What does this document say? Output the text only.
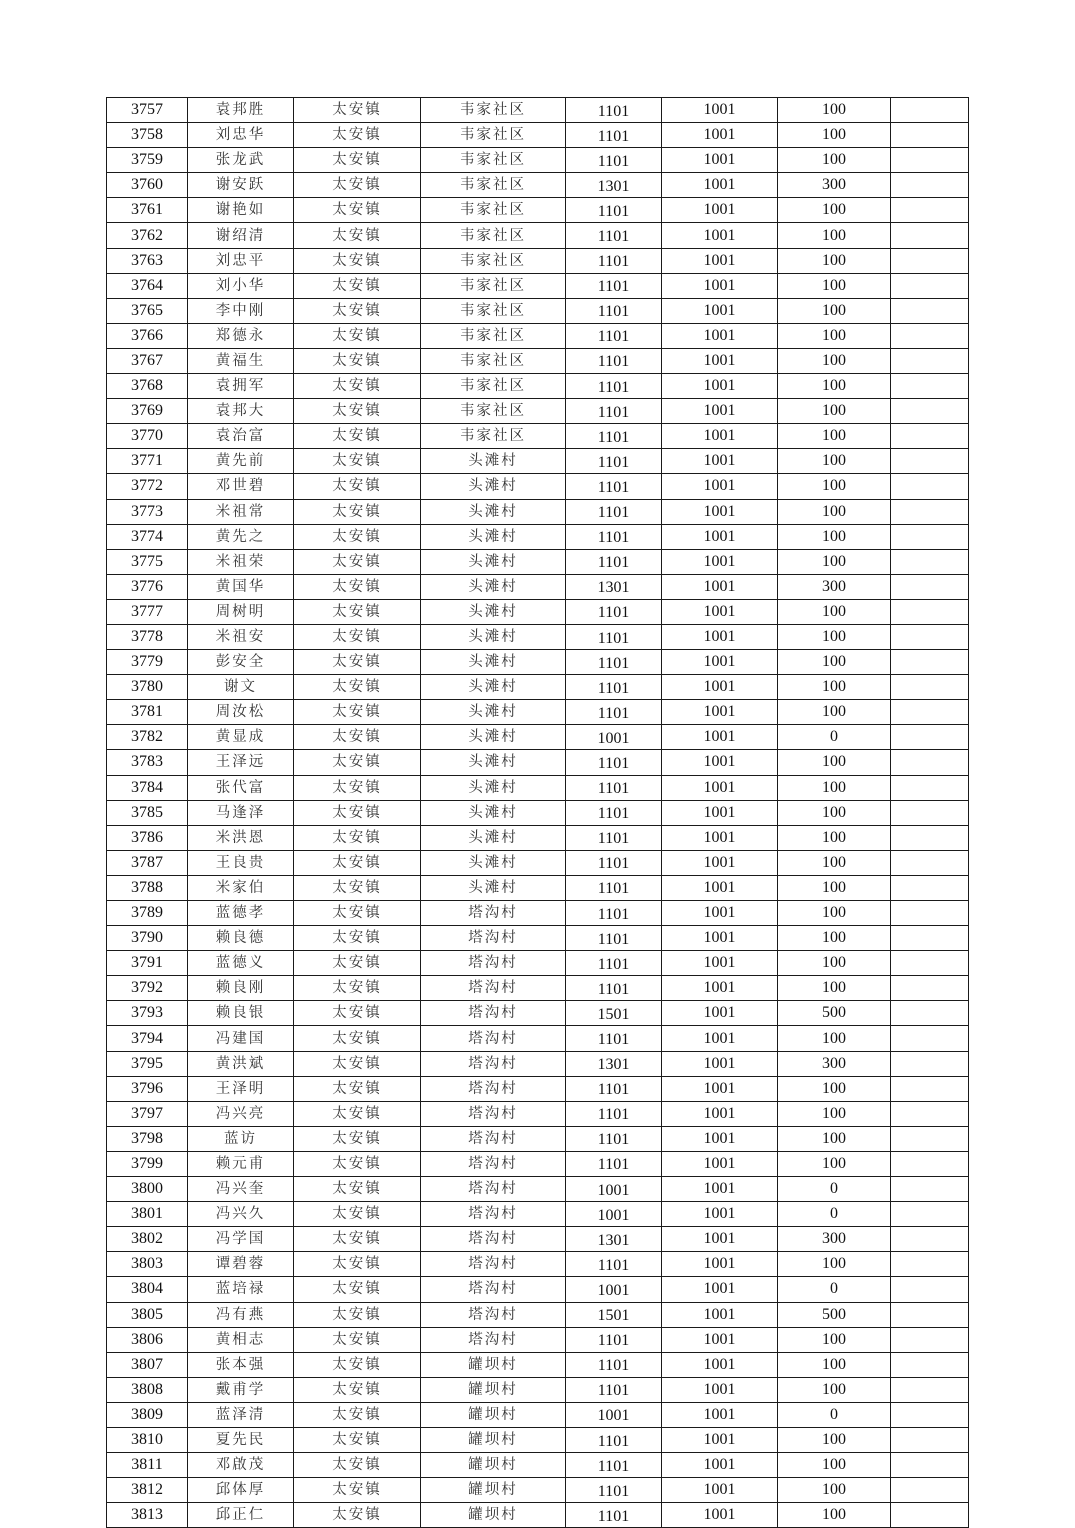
3757	袁邦胜	太安镇	韦家社区	1101	1001	100	
3758	刘忠华	太安镇	韦家社区	1101	1001	100	
3759	张龙武	太安镇	韦家社区	1101	1001	100	
3760	谢安跃	太安镇	韦家社区	1301	1001	300	
3761	谢艳如	太安镇	韦家社区	1101	1001	100	
3762	谢绍清	太安镇	韦家社区	1101	1001	100	
3763	刘忠平	太安镇	韦家社区	1101	1001	100	
3764	刘小华	太安镇	韦家社区	1101	1001	100	
3765	李中刚	太安镇	韦家社区	1101	1001	100	
3766	郑德永	太安镇	韦家社区	1101	1001	100	
3767	黄福生	太安镇	韦家社区	1101	1001	100	
3768	袁拥军	太安镇	韦家社区	1101	1001	100	
3769	袁邦大	太安镇	韦家社区	1101	1001	100	
3770	袁治富	太安镇	韦家社区	1101	1001	100	
3771	黄先前	太安镇	头滩村	1101	1001	100	
3772	邓世碧	太安镇	头滩村	1101	1001	100	
3773	米祖常	太安镇	头滩村	1101	1001	100	
3774	黄先之	太安镇	头滩村	1101	1001	100	
3775	米祖荣	太安镇	头滩村	1101	1001	100	
3776	黄国华	太安镇	头滩村	1301	1001	300	
3777	周树明	太安镇	头滩村	1101	1001	100	
3778	米祖安	太安镇	头滩村	1101	1001	100	
3779	彭安全	太安镇	头滩村	1101	1001	100	
3780	谢文	太安镇	头滩村	1101	1001	100	
3781	周汝松	太安镇	头滩村	1101	1001	100	
3782	黄显成	太安镇	头滩村	1001	1001	0	
3783	王泽远	太安镇	头滩村	1101	1001	100	
3784	张代富	太安镇	头滩村	1101	1001	100	
3785	马逢泽	太安镇	头滩村	1101	1001	100	
3786	米洪恩	太安镇	头滩村	1101	1001	100	
3787	王良贵	太安镇	头滩村	1101	1001	100	
3788	米家伯	太安镇	头滩村	1101	1001	100	
3789	蓝德孝	太安镇	塔沟村	1101	1001	100	
3790	赖良德	太安镇	塔沟村	1101	1001	100	
3791	蓝德义	太安镇	塔沟村	1101	1001	100	
3792	赖良刚	太安镇	塔沟村	1101	1001	100	
3793	赖良银	太安镇	塔沟村	1501	1001	500	
3794	冯建国	太安镇	塔沟村	1101	1001	100	
3795	黄洪斌	太安镇	塔沟村	1301	1001	300	
3796	王泽明	太安镇	塔沟村	1101	1001	100	
3797	冯兴亮	太安镇	塔沟村	1101	1001	100	
3798	蓝访	太安镇	塔沟村	1101	1001	100	
3799	赖元甫	太安镇	塔沟村	1101	1001	100	
3800	冯兴奎	太安镇	塔沟村	1001	1001	0	
3801	冯兴久	太安镇	塔沟村	1001	1001	0	
3802	冯学国	太安镇	塔沟村	1301	1001	300	
3803	谭碧蓉	太安镇	塔沟村	1101	1001	100	
3804	蓝培禄	太安镇	塔沟村	1001	1001	0	
3805	冯有燕	太安镇	塔沟村	1501	1001	500	
3806	黄相志	太安镇	塔沟村	1101	1001	100	
3807	张本强	太安镇	罐坝村	1101	1001	100	
3808	戴甫学	太安镇	罐坝村	1101	1001	100	
3809	蓝泽清	太安镇	罐坝村	1001	1001	0	
3810	夏先民	太安镇	罐坝村	1101	1001	100	
3811	邓啟茂	太安镇	罐坝村	1101	1001	100	
3812	邱体厚	太安镇	罐坝村	1101	1001	100	
3813	邱正仁	太安镇	罐坝村	1101	1001	100	
